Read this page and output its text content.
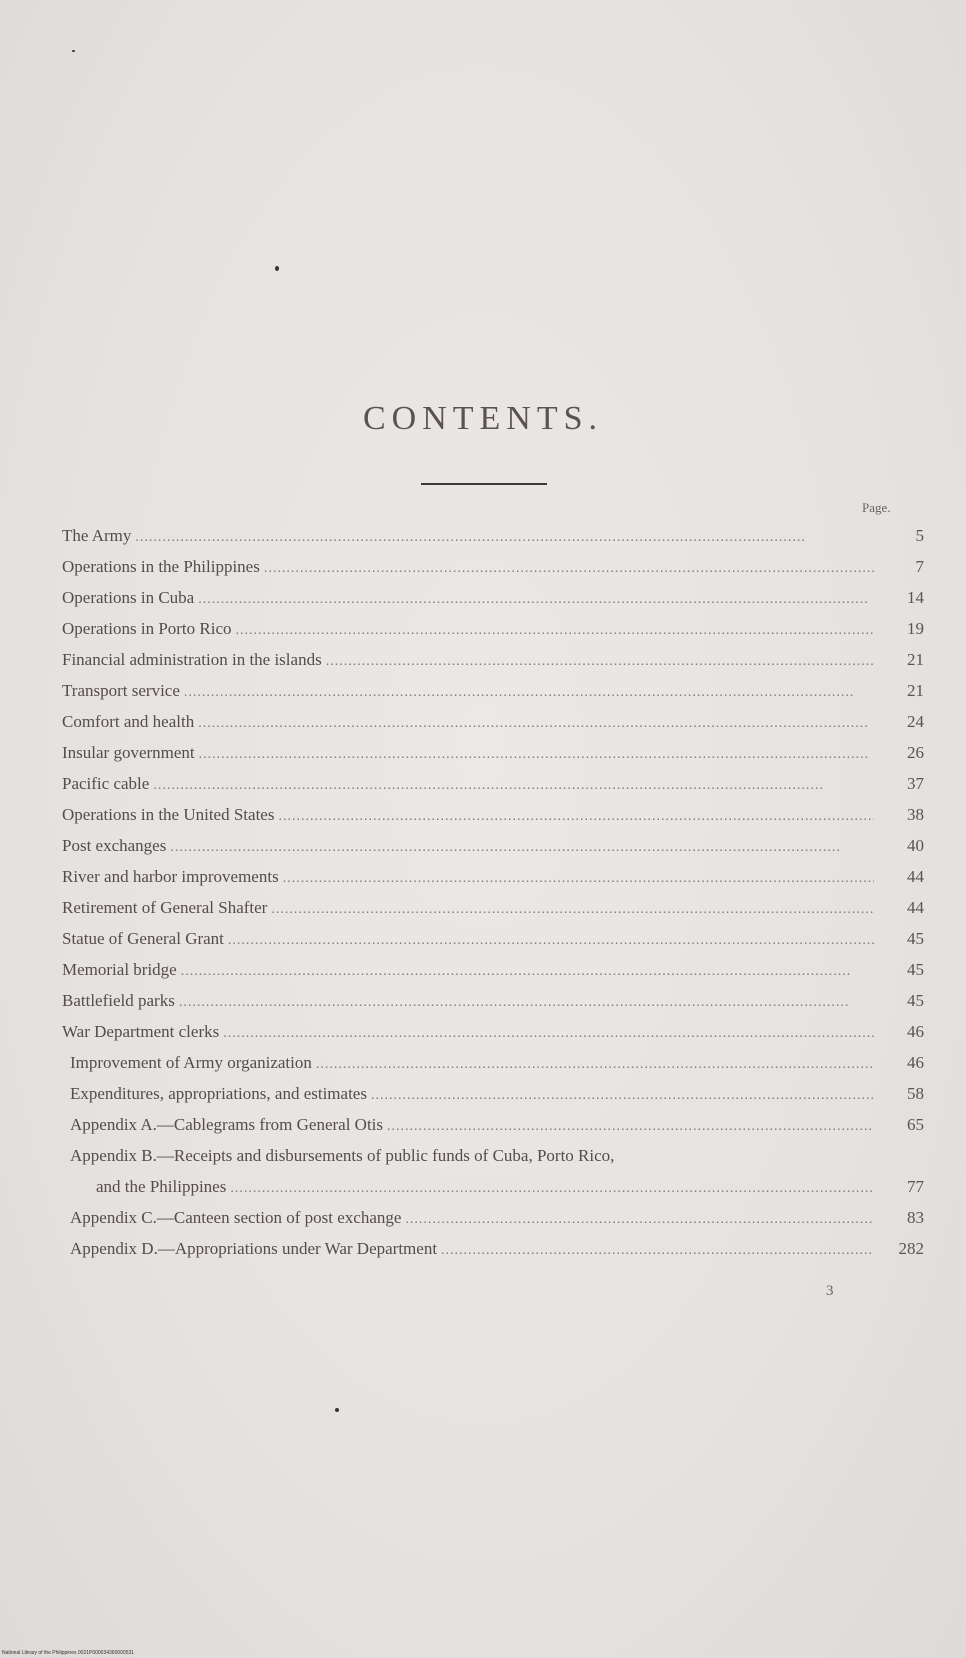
CONTENTS.
Page.
The Army .....	5
Operations in the Philippines .....	7
Operations in Cuba .....	14
Operations in Porto Rico .....	19
Financial administration in the islands .....	21
Transport service .....	21
Comfort and health .....	24
Insular government .....	26
Pacific cable .....	37
Operations in the United States .....	38
Post exchanges .....	40
River and harbor improvements .....	44
Retirement of General Shafter .....	44
Statue of General Grant .....	45
Memorial bridge .....	45
Battlefield parks .....	45
War Department clerks .....	46
Improvement of Army organization .....	46
Expenditures, appropriations, and estimates .....	58
Appendix A.—Cablegrams from General Otis .....	65
Appendix B.—Receipts and disbursements of public funds of Cuba, Porto Rico,
and the Philippines .....	77
Appendix C.—Canteen section of post exchange .....	83
Appendix D.—Appropriations under War Department .....	282
3
National Library of the Philippines 0021P000034360000531
